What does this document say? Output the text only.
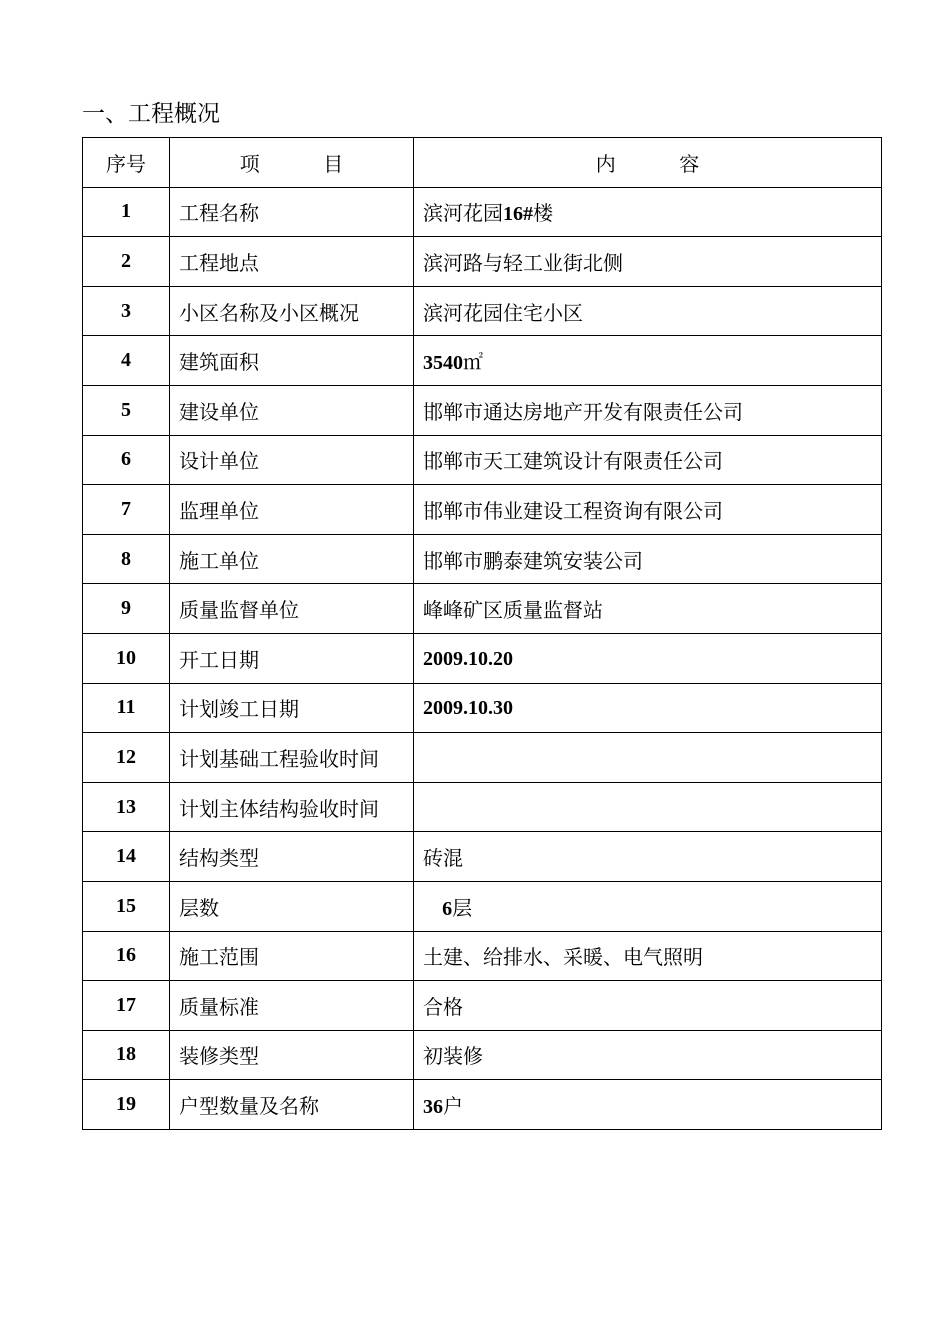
一、工程概况
序号	项          目	内          容
1	工程名称	滨河花园16#楼
2	工程地点	滨河路与轻工业街北侧
3	小区名称及小区概况	滨河花园住宅小区
4	建筑面积	3540㎡
5	建设单位	邯郸市通达房地产开发有限责任公司
6	设计单位	邯郸市天工建筑设计有限责任公司
7	监理单位	邯郸市伟业建设工程资询有限公司
8	施工单位	邯郸市鹏泰建筑安装公司
9	质量监督单位	峰峰矿区质量监督站
10	开工日期	2009.10.20
11	计划竣工日期	2009.10.30
12	计划基础工程验收时间	
13	计划主体结构验收时间	
14	结构类型	砖混
15	层数	6层
16	施工范围	土建、给排水、采暖、电气照明
17	质量标准	合格
18	装修类型	初装修
19	户型数量及名称	36户
